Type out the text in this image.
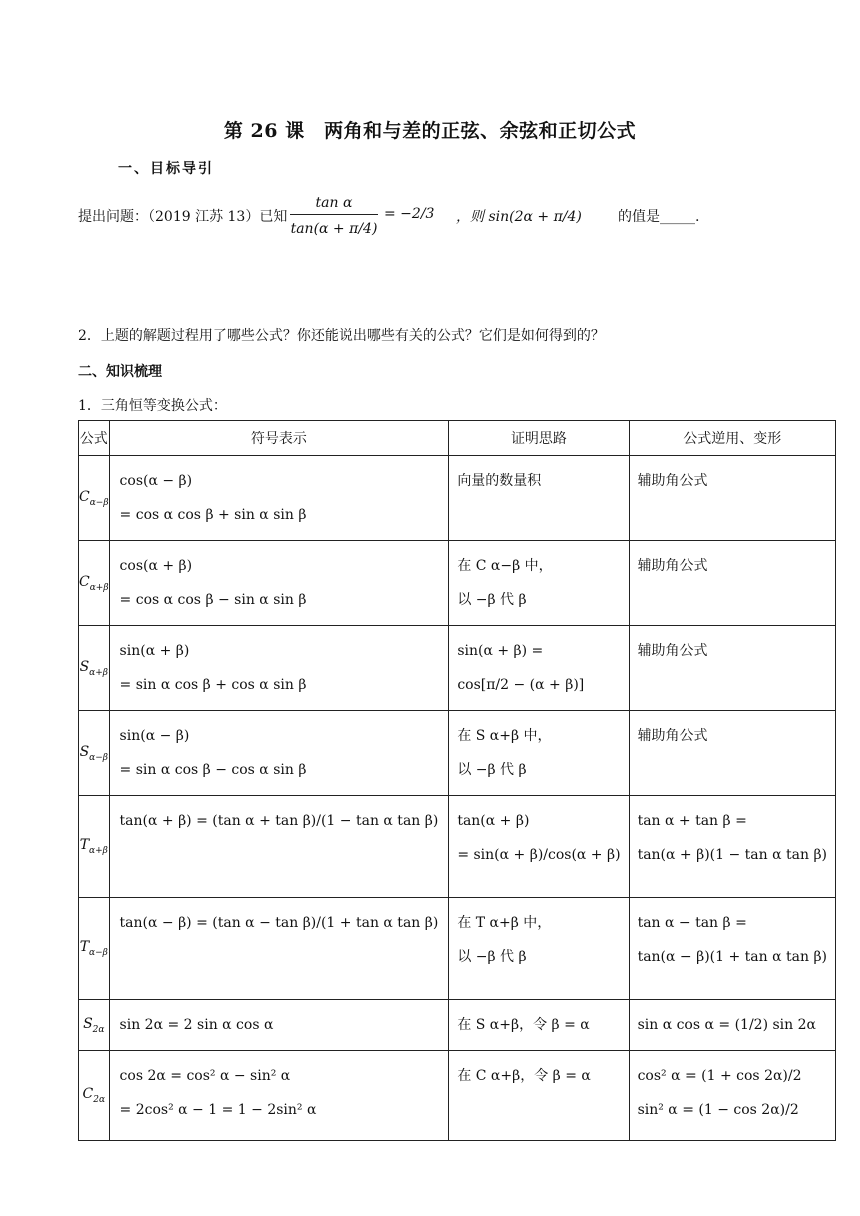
第 26 课　两角和与差的正弦、余弦和正切公式
一、目标导引
提出问题：（2019 江苏 13）已知 $\frac{\text{tan α}}{\tan(\alpha + \pi/4)} = -2/3$ ，则 sin(2α + π/4)	的值是_____.
2．上题的解题过程用了哪些公式？你还能说出哪些有关的公式？它们是如何得到的？
二、知识梳理
1．三角恒等变换公式：
公式	符号表示	证明思路	公式逆用、变形
$C_{\alpha-\beta}$	cos(α − β)
= cos α cos β + sin α sin β	向量的数量积	辅助角公式

$C_{\alpha+\beta}$	cos(α + β)
= cos α cos β − sin α sin β	在 C α−β 中，
以 −β 代 β	辅助角公式

$S_{\alpha+\beta}$	sin(α + β)
= sin α cos β + cos α sin β	sin(α + β) =
cos[π/2 − (α + β)]	辅助角公式

$S_{\alpha-\beta}$	sin(α − β)
= sin α cos β − cos α sin β	在 S α+β 中，
以 −β 代 β	辅助角公式

$T_{\alpha+\beta}$	tan(α + β) = (tan α + tan β)/(1 − tan α tan β)	tan(α + β)
= sin(α + β)/cos(α + β)	tan α + tan β =
tan(α + β)(1 − tan α tan β)

$T_{\alpha-\beta}$	tan(α − β) = (tan α − tan β)/(1 + tan α tan β)	在 T α+β 中，
以 −β 代 β	tan α − tan β =
tan(α − β)(1 + tan α tan β)

$S_{2\alpha}$	sin 2α = 2 sin α cos α	在 S α+β，令 β = α	sin α cos α = (1/2) sin 2α

$C_{2\alpha}$	cos 2α = cos² α − sin² α
= 2cos² α − 1 = 1 − 2sin² α	在 C α+β，令 β = α	cos² α = (1 + cos 2α)/2
sin² α = (1 − cos 2α)/2
